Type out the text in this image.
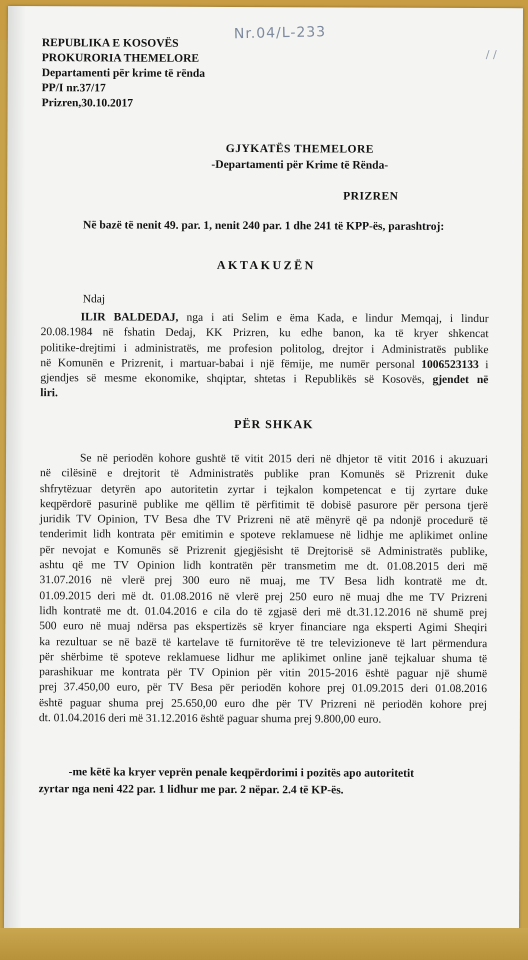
Nr.04/L-233
/ /
REPUBLIKA E KOSOVËS
PROKURORIA THEMELORE
Departamenti për krime të rënda
PP/I nr.37/17
Prizren,30.10.2017
GJYKATËS THEMELORE
-Departamenti për Krime të Rënda-
PRIZREN
Në bazë të nenit 49. par. 1, nenit 240 par. 1 dhe 241 të KPP-ës, parashtroj:
AKTAKUZËN
Ndaj
ILIR BALDEDAJ, nga i ati Selim e ëma Kada, e lindur Memqaj, i lindur
20.08.1984 në fshatin Dedaj, KK Prizren, ku edhe banon, ka të kryer shkencat
politike-drejtimi i administratës, me profesion politolog, drejtor i Administratës publike
në Komunën e Prizrenit, i martuar-babai i një fëmije, me numër personal 1006523133 i
gjendjes së mesme ekonomike, shqiptar, shtetas i Republikës së Kosovës, gjendet në
liri.
PËR SHKAK
Se në periodën kohore gushtë të vitit 2015 deri në dhjetor të vitit 2016 i akuzuari
në cilësinë e drejtorit të Administratës publike pran Komunës së Prizrenit duke
shfrytëzuar detyrën apo autoritetin zyrtar i tejkalon kompetencat e tij zyrtare duke
keqpërdorë pasurinë publike me qëllim të përfitimit të dobisë pasurore për persona tjerë
juridik TV Opinion, TV Besa dhe TV Prizreni në atë mënyrë që pa ndonjë procedurë të
tenderimit lidh kontrata për emitimin e spoteve reklamuese në lidhje me aplikimet online
për nevojat e Komunës së Prizrenit gjegjësisht të Drejtorisë së Administratës publike,
ashtu që me TV Opinion lidh kontratën për transmetim me dt. 01.08.2015 deri më
31.07.2016 në vlerë prej 300 euro në muaj, me TV Besa lidh kontratë me dt.
01.09.2015 deri më dt. 01.08.2016 në vlerë prej 250 euro në muaj dhe me TV Prizreni
lidh kontratë me dt. 01.04.2016 e cila do të zgjasë deri më dt.31.12.2016 në shumë prej
500 euro në muaj ndërsa pas ekspertizës së kryer financiare nga eksperti Agimi Sheqiri
ka rezultuar se në bazë të kartelave të furnitorëve të tre televizioneve të lart përmendura
për shërbime të spoteve reklamuese lidhur me aplikimet online janë tejkaluar shuma të
parashikuar me kontrata për TV Opinion për vitin 2015-2016 është paguar një shumë
prej 37.450,00 euro, për TV Besa për periodën kohore prej 01.09.2015 deri 01.08.2016
është paguar shuma prej 25.650,00 euro dhe për TV Prizreni në periodën kohore prej
dt. 01.04.2016 deri më 31.12.2016 është paguar shuma prej 9.800,00 euro.
-me këtë ka kryer veprën penale keqpërdorimi i pozitës apo autoritetit
zyrtar nga neni 422 par. 1 lidhur me par. 2 nëpar. 2.4 të KP-ës.
